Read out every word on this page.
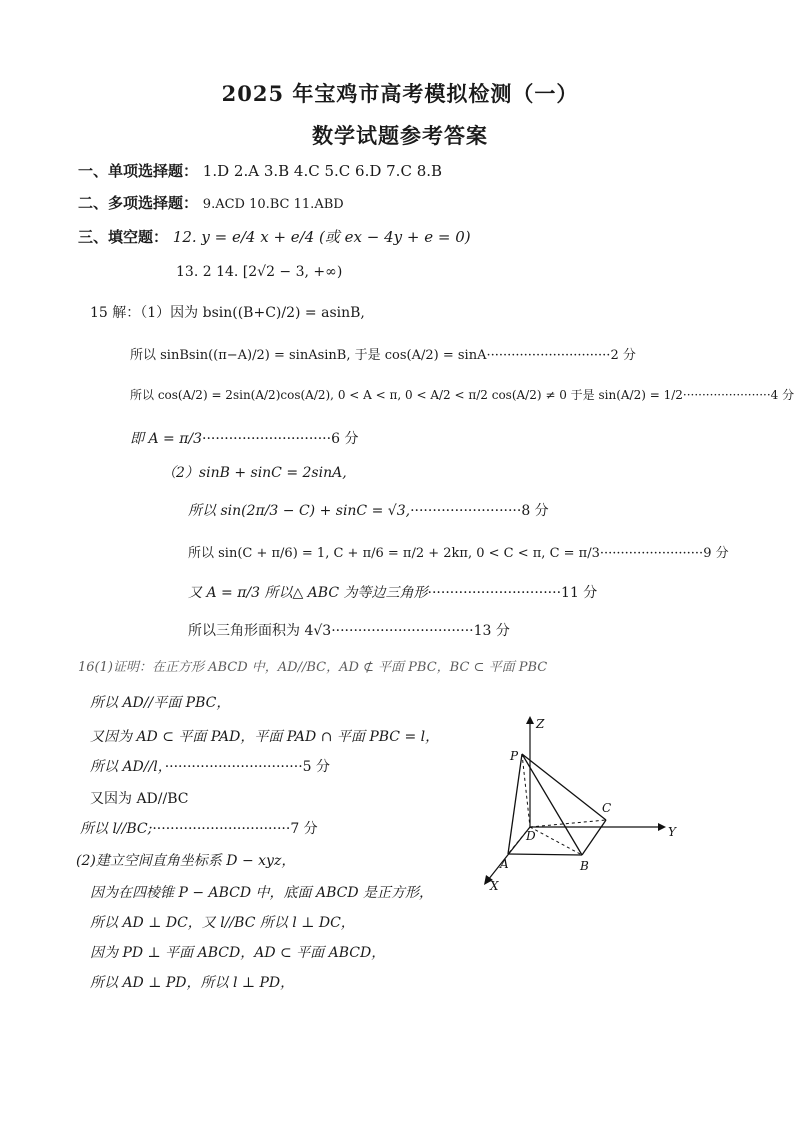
2025 年宝鸡市高考模拟检测（一）
数学试题参考答案
一、单项选择题： 1.D 2.A 3.B 4.C 5.C 6.D 7.C 8.B
二、多项选择题： 9.ACD 10.BC 11.ABD
三、填空题： 12. y = e/4 x + e/4 (或 ex − 4y + e = 0)
13. 2 14. [2√2 − 3, +∞)
15 解：（1）因为 bsin((B+C)/2) = asinB,
所以 sinBsin((π−A)/2) = sinAsinB, 于是 cos(A/2) = sinA······························2 分
所以 cos(A/2) = 2sin(A/2)cos(A/2), 0 < A < π, 0 < A/2 < π/2 cos(A/2) ≠ 0 于是 sin(A/2) = 1/2·······················4 分
即 A = π/3·····························6 分
（2）sinB + sinC = 2sinA,
所以 sin(2π/3 − C) + sinC = √3,·························8 分
所以 sin(C + π/6) = 1, C + π/6 = π/2 + 2kπ, 0 < C < π, C = π/3·························9 分
又 A = π/3 所以△ ABC 为等边三角形······························11 分
所以三角形面积为 4√3································13 分
16(1)证明：在正方形 ABCD 中，AD//BC，AD ⊄ 平面 PBC，BC ⊂ 平面 PBC
所以 AD//平面 PBC，
又因为 AD ⊂ 平面 PAD，平面 PAD ∩ 平面 PBC = l，
所以 AD//l，·······························5 分
又因为 AD//BC
所以 l//BC;·······························7 分
(2)建立空间直角坐标系 D − xyz，
因为在四棱锥 P − ABCD 中，底面 ABCD 是正方形，
所以 AD ⊥ DC，又 l//BC 所以 l ⊥ DC，
因为 PD ⊥ 平面 ABCD，AD ⊂ 平面 ABCD，
所以 AD ⊥ PD，所以 l ⊥ PD，
Z
Y
X
P
C
D
A	B
